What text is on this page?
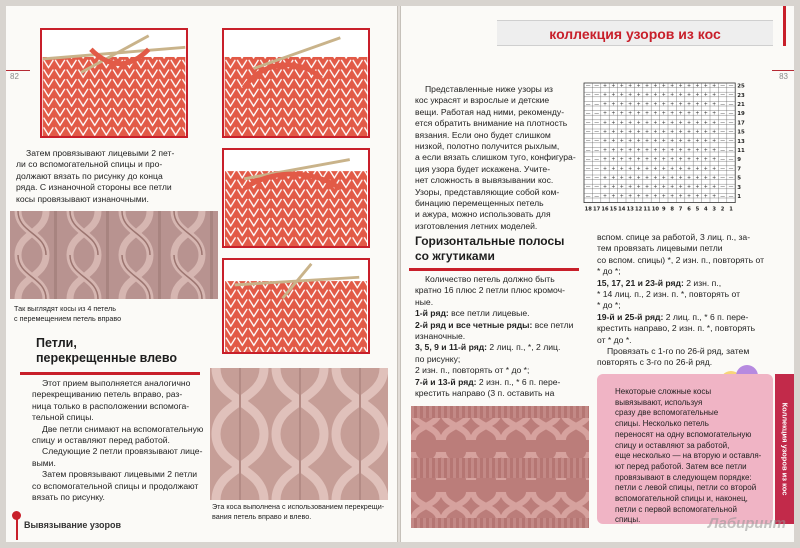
82

Затем провязывают лицевыми 2 пет-

ли со вспомогательной спицы и про-

должают вязать по рисунку до конца

ряда. С изнаночной стороны все петли

косы провязывают изнаночными.

Так выглядят косы из 4 петель
с перемещением петель вправо
Петли,
перекрещенные влево

Этот прием выполняется аналогично

перекрещиванию петель вправо, раз-

ница только в расположении вспомога-

тельной спицы.

Две петли снимают на вспомогательную

спицу и оставляют перед работой.

Следующие 2 петли провязывают лице-

выми.

Затем провязывают лицевыми 2 петли

со вспомогательной спицы и продолжают

вязать по рисунку.

Эта коса выполнена с использованием перекрещи-
вания петель вправо и влево.
Вывязывание узоров
коллекция узоров из кос
83

Представленные ниже узоры из

кос украсят и взрослые и детские

вещи. Работая над ними, рекоменду-

ется обратить внимание на плотность

вязания. Если оно будет слишком

низкой, полотно получится рыхлым,

а если вязать слишком туго, конфигура-

ция узора будет искажена. Учите-

нет сложность в вывязывании кос.

Узоры, представляющие собой ком-

бинацию перемещенных петель

и ажура, можно использовать для

изготовления летних моделей.

— — + + + + + + + + + + + + + + — —
— — + + + + + + + + + + + + + + — —
— — + + + + + + + + + + + + + + — —
— — + + + + + + + + + + + + + + — —
— — + + + + + + + + + + + + + + — —
— — + + + + + + + + + + + + + + — —
— — + + + + + + + + + + + + + + — —
— — + + + + + + + + + + + + + + — —
— — + + + + + + + + + + + + + + — —
— — + + + + + + + + + + + + + + — —
— — + + + + + + + + + + + + + + — —
— — + + + + + + + + + + + + + + — —
— — + + + + + + + + + + + + + + — —
25
23
21
19
17
15
13
11
9
7
5
3
1
18 17 16 15 14 13 12 11 10 9 8 7 6 5 4 3 2 1
Горизонтальные полосы
со жгутиками

Количество петель должно быть

кратно 16 плюс 2 петли плюс кромоч-

ные.

1-й ряд: все петли лицевые.

2-й ряд и все четные ряды: все петли

изнаночные.

3, 5, 9 и 11-й ряд: 2 лиц. п., *, 2 лиц.

по рисунку;

2 изн. п., повторять от * до *;

7-й и 13-й ряд: 2 изн. п., * 6 п. пере-

крестить направо (3 п. оставить на

вспом. спице за работой, 3 лиц. п., за-

тем провязать лицевыми петли

со вспом. спицы) *, 2 изн. п., повторять от

* до *;

15, 17, 21 и 23-й ряд: 2 изн. п.,

* 14 лиц. п., 2 изн. п. *, повторять от

* до *;

19-й и 25-й ряд: 2 лиц. п., * 6 п. пере-

крестить направо, 2 изн. п. *, повторять

от * до *.

Провязать с 1-го по 26-й ряд, затем

повторять с 3-го по 26-й ряд.

Некоторые сложные косы

вывязывают, используя

сразу две вспомогательные

спицы. Несколько петель

переносят на одну вспомогательную

спицу и оставляют за работой,

еще несколько — на вторую и оставля-

ют перед работой. Затем все петли

провязывают в следующем порядке:

петли с левой спицы, петли со второй

вспомогательной спицы и, наконец,

петли с первой вспомогательной

спицы.

Коллекция узоров из кос
Лабиринт
